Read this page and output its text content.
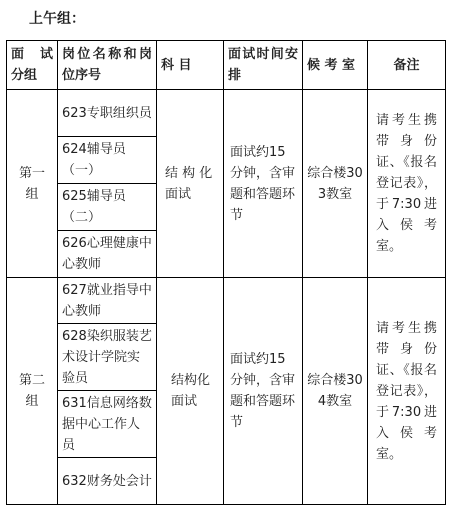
上午组：
面 试分组	岗位名称和岗位序号	科 目	面试时间安排	候 考 室	备注
第一组	623专职组织员	结 构 化面试	面试约15分钟，含审题和答题环节	综合楼303教室	请考生携带身份证、《报名登记表》，于7:30进入侯考室。
	624辅导员（一）				
	625辅导员（二）				
	626心理健康中心教师				
第二组	627就业指导中心教师	结构化面试	面试约15分钟，含审题和答题环节	综合楼304教室	请考生携带身份证、《报名登记表》，于7:30进入侯考室。
	628染织服装艺术设计学院实验员				
	631信息网络数据中心工作人员				
	632财务处会计				
